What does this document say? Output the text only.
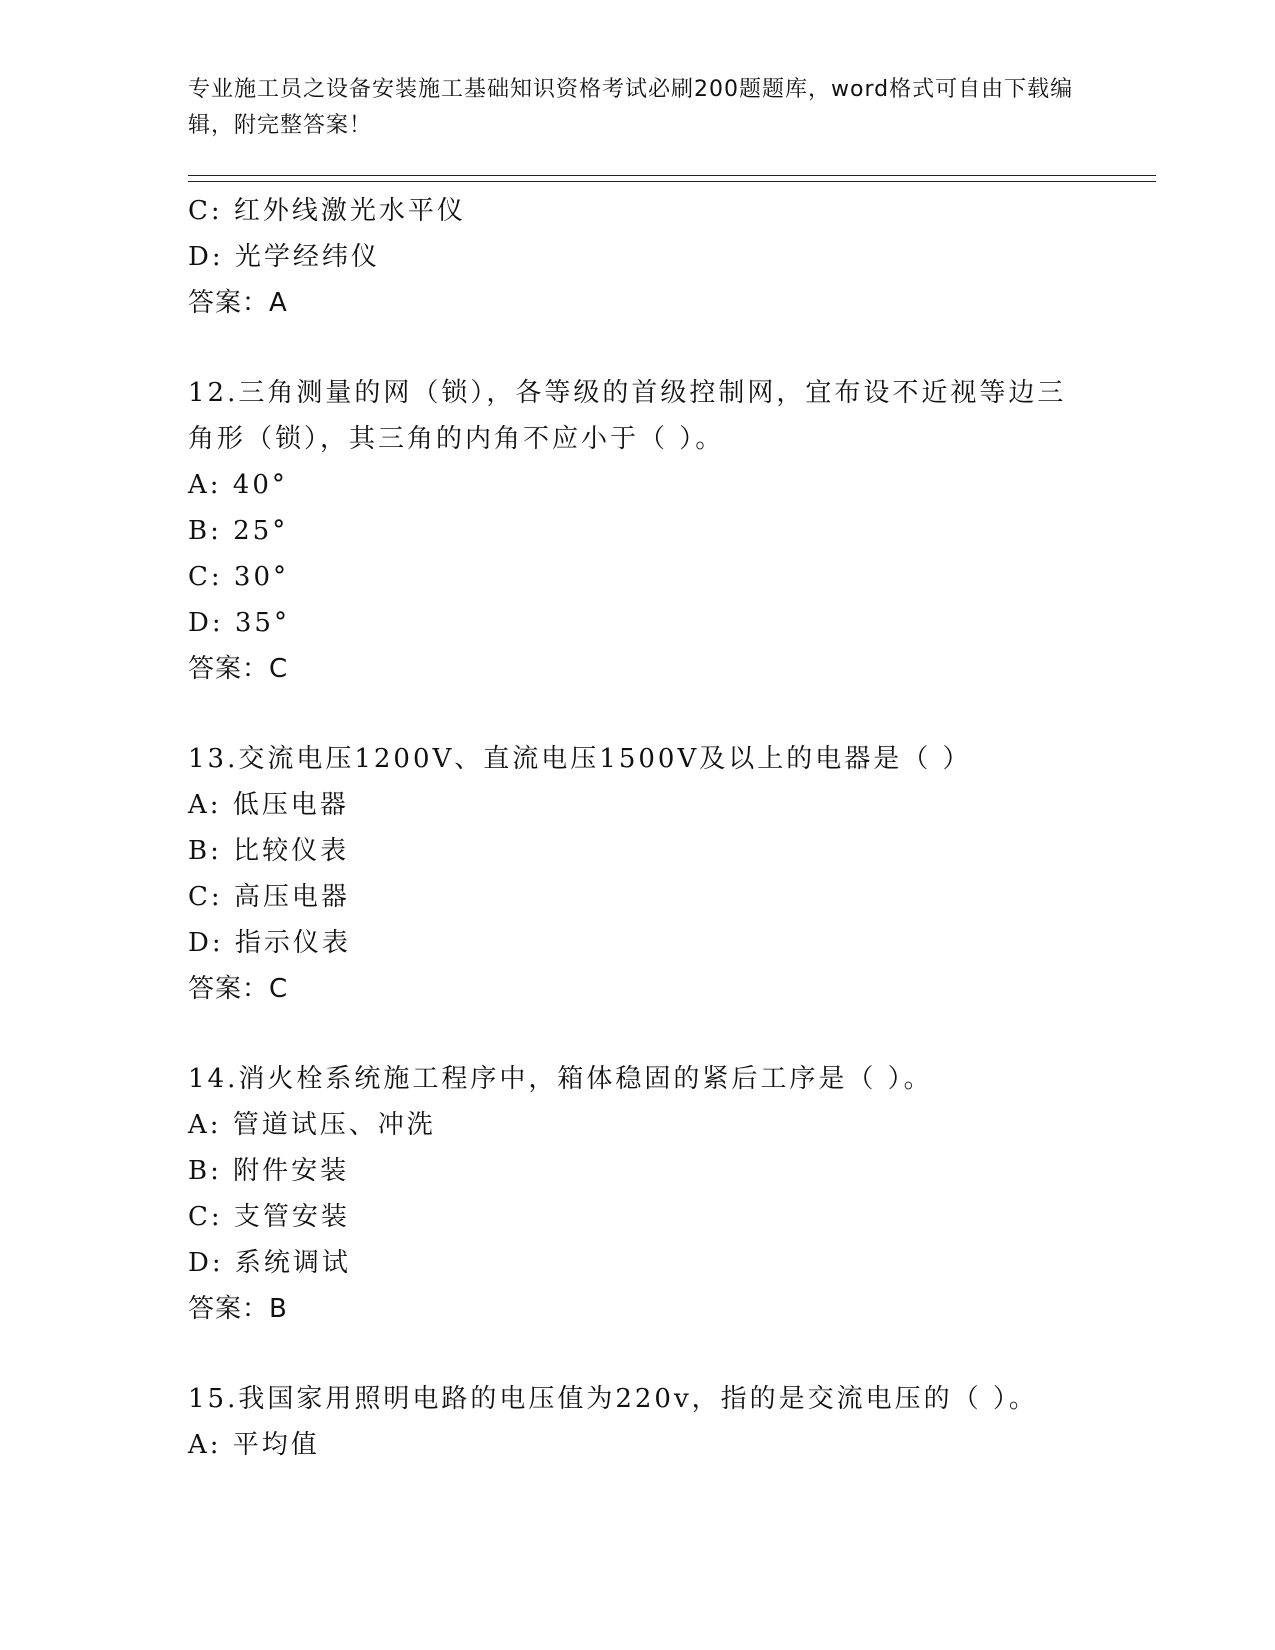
专业施工员之设备安装施工基础知识资格考试必刷200题题库，word格式可自由下载编辑，附完整答案！
C: 红外线激光水平仪
D: 光学经纬仪
答案：A
12.三角测量的网（锁），各等级的首级控制网，宜布设不近视等边三角形（锁），其三角的内角不应小于（ ）。
A: 40°
B: 25°
C: 30°
D: 35°
答案：C
13.交流电压1200V、直流电压1500V及以上的电器是（ ）
A: 低压电器
B: 比较仪表
C: 高压电器
D: 指示仪表
答案：C
14.消火栓系统施工程序中，箱体稳固的紧后工序是（ ）。
A: 管道试压、冲洗
B: 附件安装
C: 支管安装
D: 系统调试
答案：B
15.我国家用照明电路的电压值为220v，指的是交流电压的（ ）。
A: 平均值
